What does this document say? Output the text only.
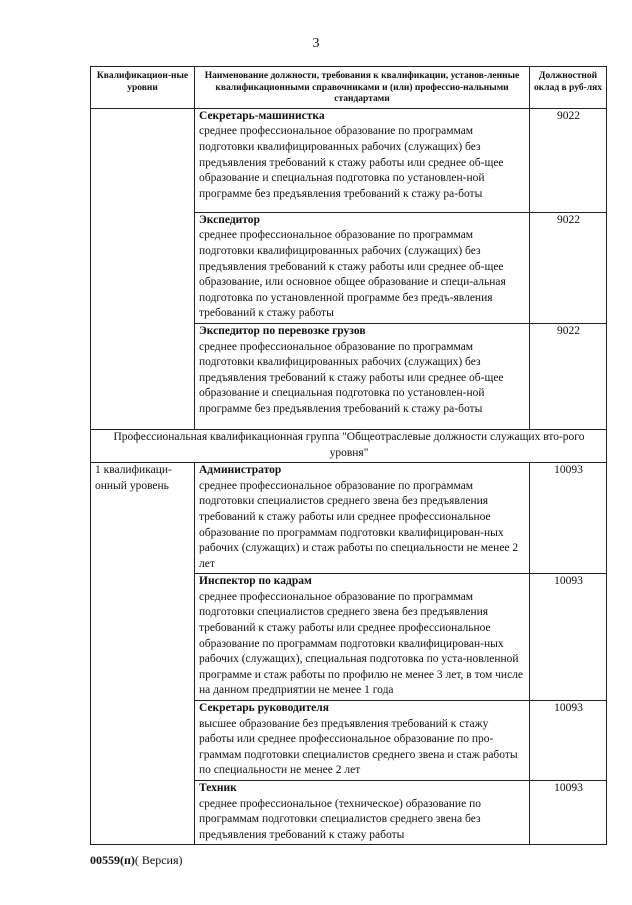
3
Квалификацион-ные уровни	Наименование должности, требования к квалификации, установ-ленные квалификационными справочниками и (или) профессио-нальными стандартами	Должностной оклад в руб-лях

	Секретарь-машинистка
среднее профессиональное образование по программам подготовки квалифицированных рабочих (служащих) без предъявления требований к стажу работы или среднее об-щее образование и специальная подготовка по установлен-ной программе без предъявления требований к стажу ра-боты	9022

	Экспедитор
среднее профессиональное образование по программам подготовки квалифицированных рабочих (служащих) без предъявления требований к стажу работы или среднее об-щее образование, или основное общее образование и специ-альная подготовка по установленной программе без предъ-явления требований к стажу работы	9022

	Экспедитор по перевозке грузов
среднее профессиональное образование по программам подготовки квалифицированных рабочих (служащих) без предъявления требований к стажу работы или среднее об-щее образование и специальная подготовка по установлен-ной программе без предъявления требований к стажу ра-боты	9022
Профессиональная квалификационная группа "Общеотраслевые должности служащих вто-рого уровня"		
1 квалификаци-онный уровень	Администратор
среднее профессиональное образование по программам подготовки специалистов среднего звена без предъявления требований к стажу работы или среднее профессиональное образование по программам подготовки квалифицирован-ных рабочих (служащих) и стаж работы по специальности не менее 2 лет	10093

	Инспектор по кадрам
среднее профессиональное образование по программам подготовки специалистов среднего звена без предъявления требований к стажу работы или среднее профессиональное образование по программам подготовки квалифицирован-ных рабочих (служащих), специальная подготовка по уста-новленной программе и стаж работы по профилю не менее 3 лет, в том числе на данном предприятии не менее 1 года	10093

	Секретарь руководителя
высшее образование без предъявления требований к стажу работы или среднее профессиональное образование по про-граммам подготовки специалистов среднего звена и стаж работы по специальности не менее 2 лет	10093

	Техник
среднее профессиональное (техническое) образование по программам подготовки специалистов среднего звена без предъявления требований к стажу работы	10093
00559(п)( Версия)
